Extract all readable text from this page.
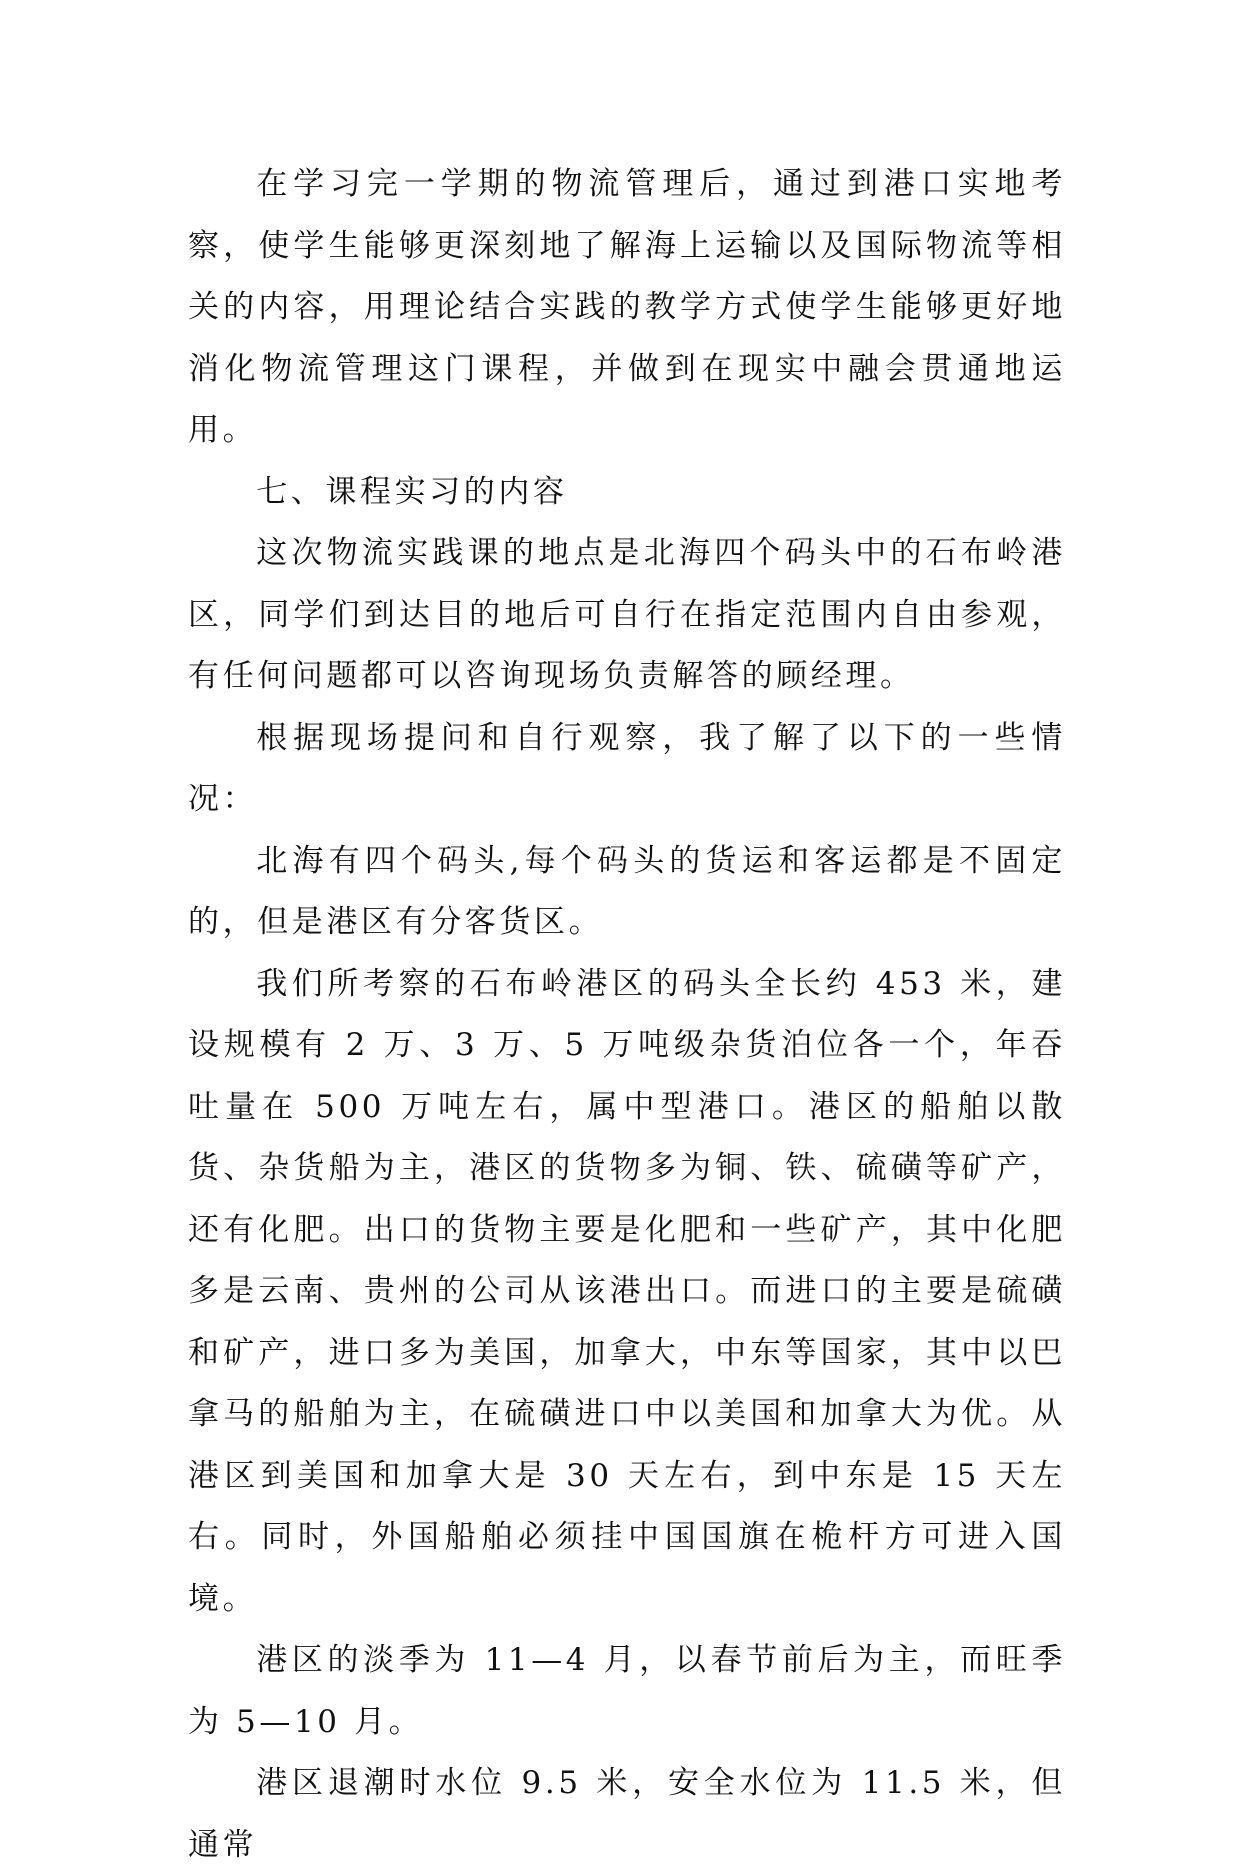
在学习完一学期的物流管理后，通过到港口实地考察，使学生能够更深刻地了解海上运输以及国际物流等相关的内容，用理论结合实践的教学方式使学生能够更好地消化物流管理这门课程，并做到在现实中融会贯通地运用。

七、课程实习的内容

这次物流实践课的地点是北海四个码头中的石布岭港区，同学们到达目的地后可自行在指定范围内自由参观，有任何问题都可以咨询现场负责解答的顾经理。

根据现场提问和自行观察，我了解了以下的一些情况：

北海有四个码头,每个码头的货运和客运都是不固定的，但是港区有分客货区。

我们所考察的石布岭港区的码头全长约 453 米，建设规模有 2 万、3 万、5 万吨级杂货泊位各一个，年吞吐量在 500 万吨左右，属中型港口。港区的船舶以散货、杂货船为主，港区的货物多为铜、铁、硫磺等矿产，还有化肥。出口的货物主要是化肥和一些矿产，其中化肥多是云南、贵州的公司从该港出口。而进口的主要是硫磺和矿产，进口多为美国，加拿大，中东等国家，其中以巴拿马的船舶为主，在硫磺进口中以美国和加拿大为优。从港区到美国和加拿大是 30 天左右，到中东是 15 天左右。同时，外国船舶必须挂中国国旗在桅杆方可进入国境。

港区的淡季为 11—4 月，以春节前后为主，而旺季为 5—10 月。

港区退潮时水位 9.5 米，安全水位为 11.5 米，但通常
